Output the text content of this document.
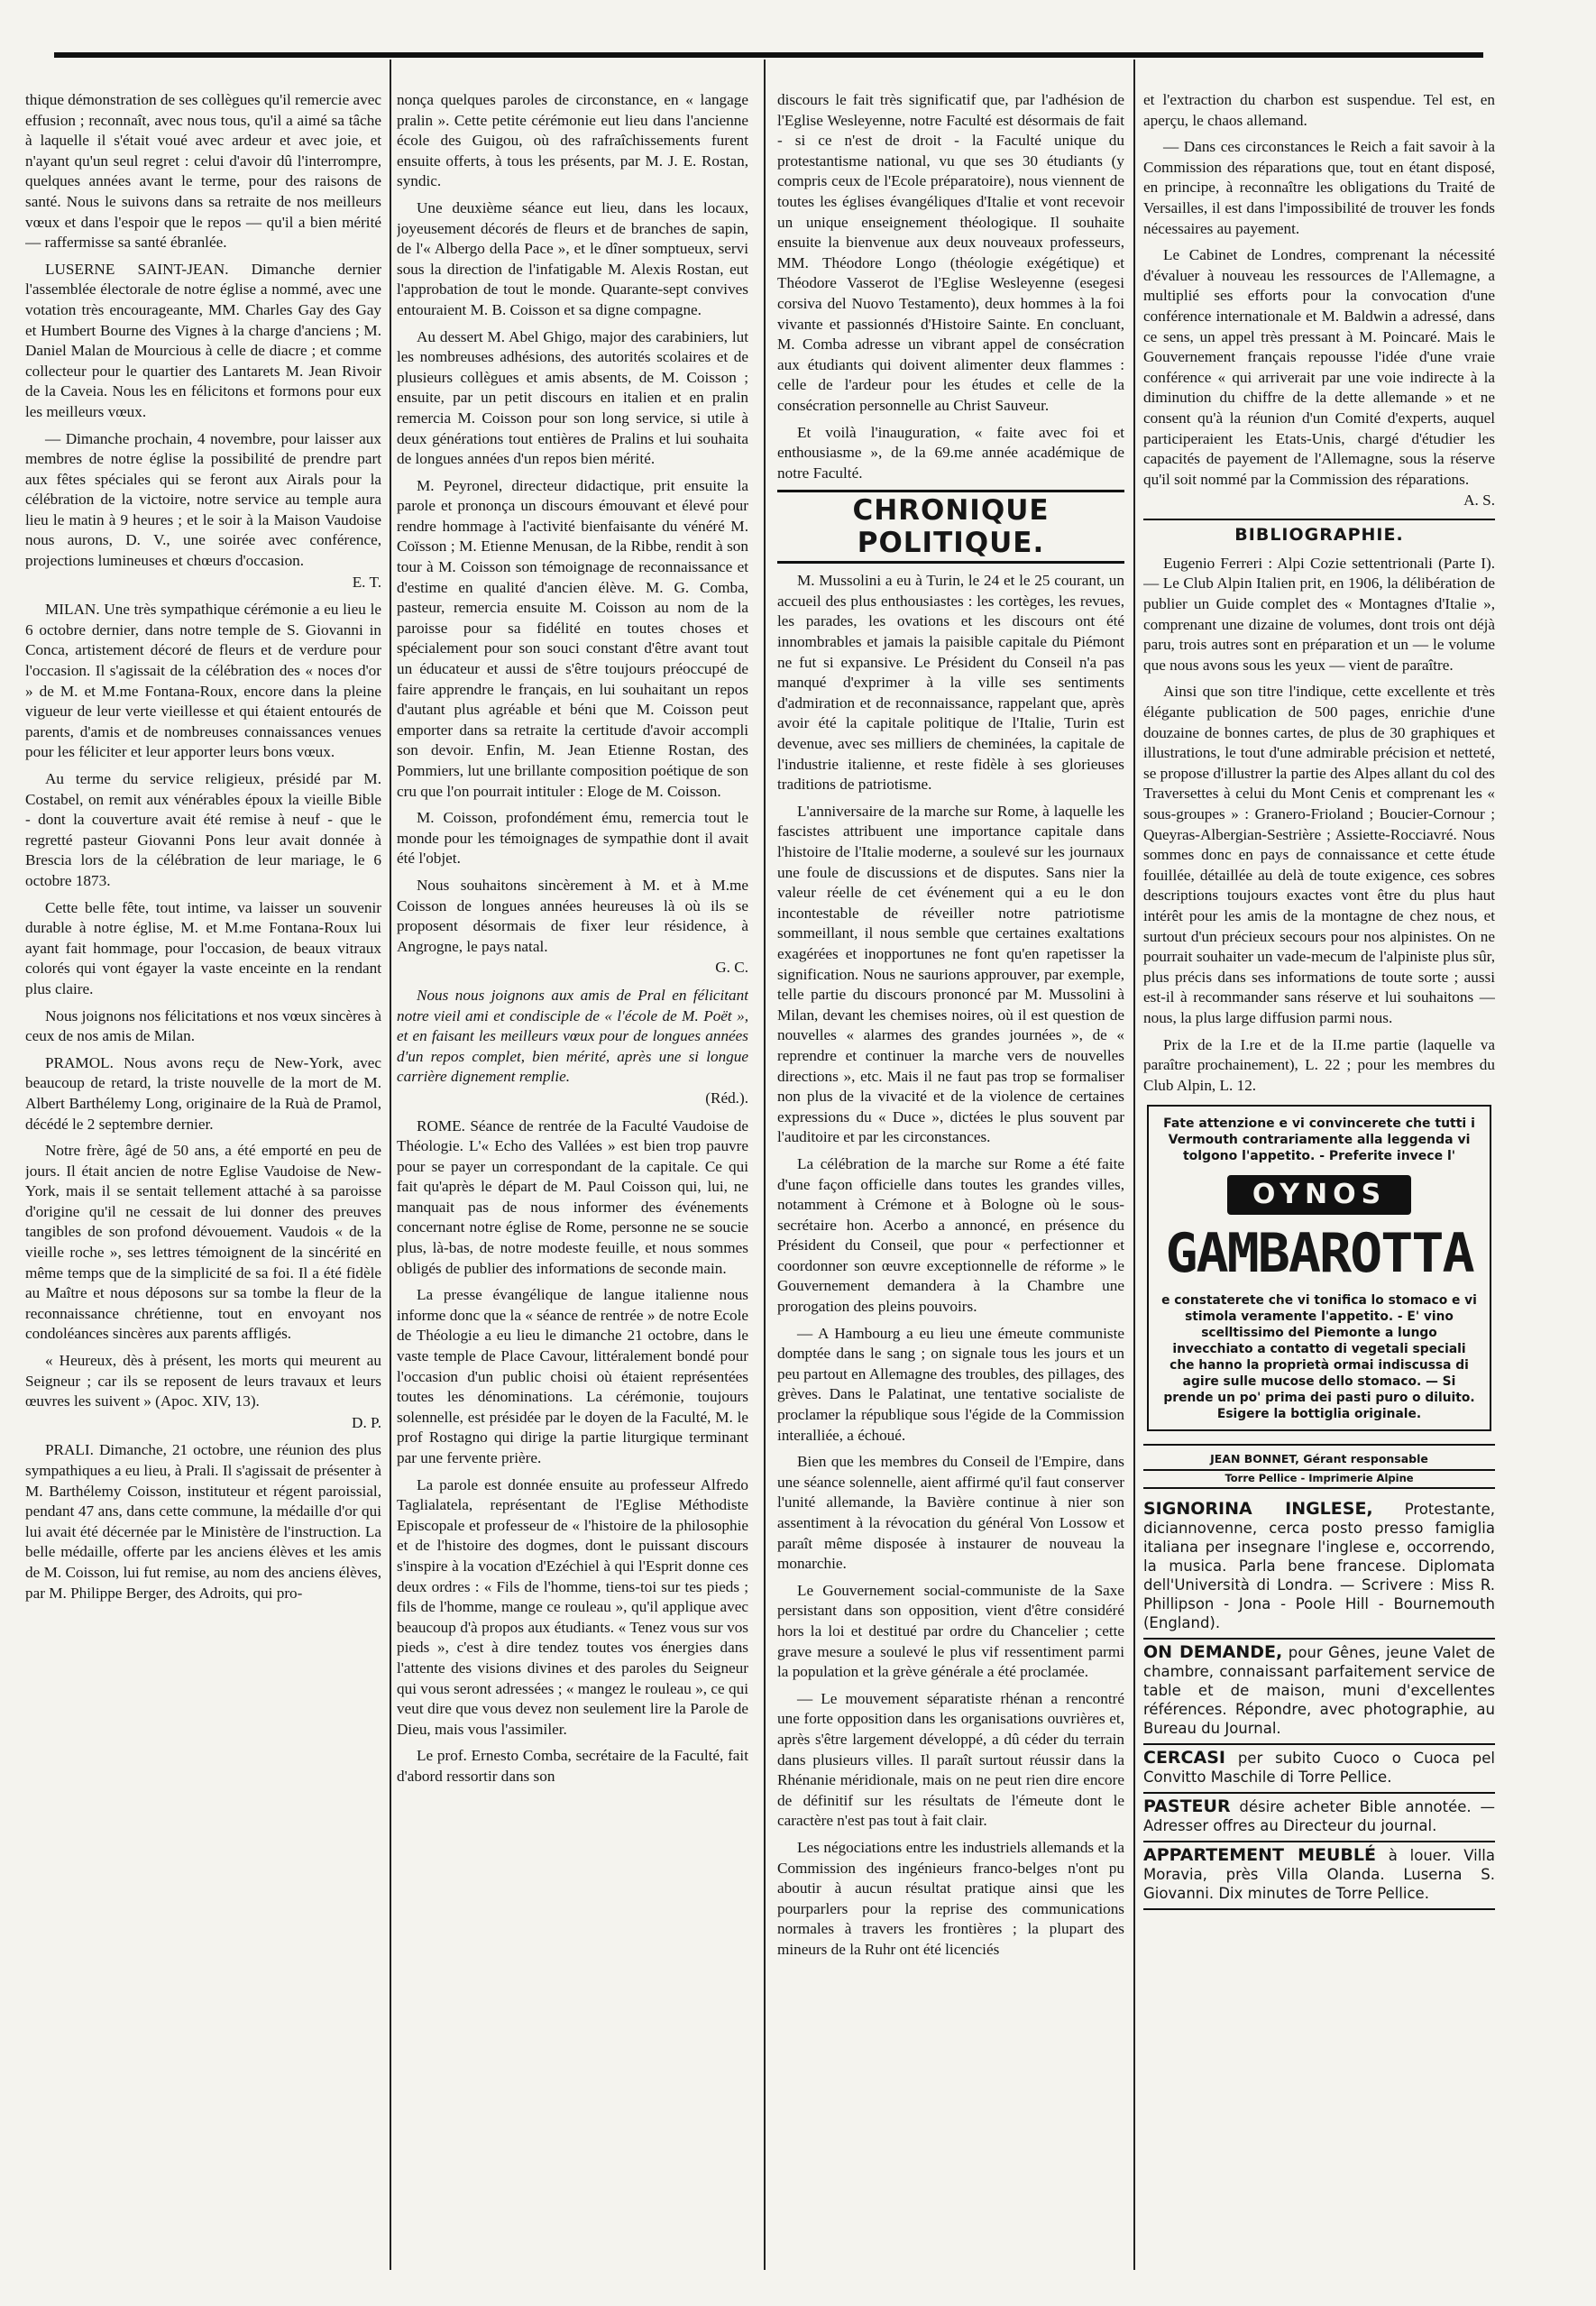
thique démonstration de ses collègues qu'il remercie avec effusion ; reconnaît, avec nous tous, qu'il a aimé sa tâche à laquelle il s'était voué avec ardeur et avec joie, et n'ayant qu'un seul regret : celui d'avoir dû l'interrompre, quelques années avant le terme, pour des raisons de santé. Nous le suivons dans sa retraite de nos meilleurs vœux et dans l'espoir que le repos — qu'il a bien mérité — raffermisse sa santé ébranlée.

LUSERNE SAINT-JEAN. Dimanche dernier l'assemblée électorale de notre église a nommé, avec une votation très encourageante, MM. Charles Gay des Gay et Humbert Bourne des Vignes à la charge d'anciens ; M. Daniel Malan de Mourcious à celle de diacre ; et comme collecteur pour le quartier des Lantarets M. Jean Rivoir de la Caveia. Nous les en félicitons et formons pour eux les meilleurs vœux.

— Dimanche prochain, 4 novembre, pour laisser aux membres de notre église la possibilité de prendre part aux fêtes spéciales qui se feront aux Airals pour la célébration de la victoire, notre service au temple aura lieu le matin à 9 heures ; et le soir à la Maison Vaudoise nous aurons, D. V., une soirée avec conférence, projections lumineuses et chœurs d'occasion.

E. T.

MILAN. Une très sympathique cérémonie a eu lieu le 6 octobre dernier, dans notre temple de S. Giovanni in Conca, artistement décoré de fleurs et de verdure pour l'occasion. Il s'agissait de la célébration des « noces d'or » de M. et M.me Fontana-Roux, encore dans la pleine vigueur de leur verte vieillesse et qui étaient entourés de parents, d'amis et de nombreuses connaissances venues pour les féliciter et leur apporter leurs bons vœux.

Au terme du service religieux, présidé par M. Costabel, on remit aux vénérables époux la vieille Bible - dont la couverture avait été remise à neuf - que le regretté pasteur Giovanni Pons leur avait donnée à Brescia lors de la célébration de leur mariage, le 6 octobre 1873.

Cette belle fête, tout intime, va laisser un souvenir durable à notre église, M. et M.me Fontana-Roux lui ayant fait hommage, pour l'occasion, de beaux vitraux colorés qui vont égayer la vaste enceinte en la rendant plus claire.

Nous joignons nos félicitations et nos vœux sincères à ceux de nos amis de Milan.

PRAMOL. Nous avons reçu de New-York, avec beaucoup de retard, la triste nouvelle de la mort de M. Albert Barthélemy Long, originaire de la Ruà de Pramol, décédé le 2 septembre dernier.

Notre frère, âgé de 50 ans, a été emporté en peu de jours. Il était ancien de notre Eglise Vaudoise de New-York, mais il se sentait tellement attaché à sa paroisse d'origine qu'il ne cessait de lui donner des preuves tangibles de son profond dévouement. Vaudois « de la vieille roche », ses lettres témoignent de la sincérité en même temps que de la simplicité de sa foi. Il a été fidèle au Maître et nous déposons sur sa tombe la fleur de la reconnaissance chrétienne, tout en envoyant nos condoléances sincères aux parents affligés.

« Heureux, dès à présent, les morts qui meurent au Seigneur ; car ils se reposent de leurs travaux et leurs œuvres les suivent » (Apoc. XIV, 13).

D. P.

PRALI. Dimanche, 21 octobre, une réunion des plus sympathiques a eu lieu, à Prali. Il s'agissait de présenter à M. Barthélemy Coisson, instituteur et régent paroissial, pendant 47 ans, dans cette commune, la médaille d'or qui lui avait été décernée par le Ministère de l'instruction. La belle médaille, offerte par les anciens élèves et les amis de M. Coisson, lui fut remise, au nom des anciens élèves, par M. Philippe Berger, des Adroits, qui pro-

nonça quelques paroles de circonstance, en « langage pralin ». Cette petite cérémonie eut lieu dans l'ancienne école des Guigou, où des rafraîchissements furent ensuite offerts, à tous les présents, par M. J. E. Rostan, syndic.

Une deuxième séance eut lieu, dans les locaux, joyeusement décorés de fleurs et de branches de sapin, de l'« Albergo della Pace », et le dîner somptueux, servi sous la direction de l'infatigable M. Alexis Rostan, eut l'approbation de tout le monde. Quarante-sept convives entouraient M. B. Coisson et sa digne compagne.

Au dessert M. Abel Ghigo, major des carabiniers, lut les nombreuses adhésions, des autorités scolaires et de plusieurs collègues et amis absents, de M. Coisson ; ensuite, par un petit discours en italien et en pralin remercia M. Coisson pour son long service, si utile à deux générations tout entières de Pralins et lui souhaita de longues années d'un repos bien mérité.

M. Peyronel, directeur didactique, prit ensuite la parole et prononça un discours émouvant et élevé pour rendre hommage à l'activité bienfaisante du vénéré M. Coïsson ; M. Etienne Menusan, de la Ribbe, rendit à son tour à M. Coisson son témoignage de reconnaissance et d'estime en qualité d'ancien élève. M. G. Comba, pasteur, remercia ensuite M. Coisson au nom de la paroisse pour sa fidélité en toutes choses et spécialement pour son souci constant d'être avant tout un éducateur et aussi de s'être toujours préoccupé de faire apprendre le français, en lui souhaitant un repos d'autant plus agréable et béni que M. Coisson peut emporter dans sa retraite la certitude d'avoir accompli son devoir. Enfin, M. Jean Etienne Rostan, des Pommiers, lut une brillante composition poétique de son cru que l'on pourrait intituler : Eloge de M. Coisson.

M. Coisson, profondément ému, remercia tout le monde pour les témoignages de sympathie dont il avait été l'objet.

Nous souhaitons sincèrement à M. et à M.me Coisson de longues années heureuses là où ils se proposent désormais de fixer leur résidence, à Angrogne, le pays natal.

G. C.

Nous nous joignons aux amis de Pral en félicitant notre vieil ami et condisciple de « l'école de M. Poët », et en faisant les meilleurs vœux pour de longues années d'un repos complet, bien mérité, après une si longue carrière dignement remplie.

(Réd.).

ROME. Séance de rentrée de la Faculté Vaudoise de Théologie. L'« Echo des Vallées » est bien trop pauvre pour se payer un correspondant de la capitale. Ce qui fait qu'après le départ de M. Paul Coisson qui, lui, ne manquait pas de nous informer des événements concernant notre église de Rome, personne ne se soucie plus, là-bas, de notre modeste feuille, et nous sommes obligés de publier des informations de seconde main.

La presse évangélique de langue italienne nous informe donc que la « séance de rentrée » de notre Ecole de Théologie a eu lieu le dimanche 21 octobre, dans le vaste temple de Place Cavour, littéralement bondé pour l'occasion d'un public choisi où étaient représentées toutes les dénominations. La cérémonie, toujours solennelle, est présidée par le doyen de la Faculté, M. le prof Rostagno qui dirige la partie liturgique terminant par une fervente prière.

La parole est donnée ensuite au professeur Alfredo Taglialatela, représentant de l'Eglise Méthodiste Episcopale et professeur de « l'histoire de la philosophie et de l'histoire des dogmes, dont le puissant discours s'inspire à la vocation d'Ezéchiel à qui l'Esprit donne ces deux ordres : « Fils de l'homme, tiens-toi sur tes pieds ; fils de l'homme, mange ce rouleau », qu'il applique avec beaucoup d'à propos aux étudiants. « Tenez vous sur vos pieds », c'est à dire tendez toutes vos énergies dans l'attente des visions divines et des paroles du Seigneur qui vous seront adressées ; « mangez le rouleau », ce qui veut dire que vous devez non seulement lire la Parole de Dieu, mais vous l'assimiler.

Le prof. Ernesto Comba, secrétaire de la Faculté, fait d'abord ressortir dans son

discours le fait très significatif que, par l'adhésion de l'Eglise Wesleyenne, notre Faculté est désormais de fait - si ce n'est de droit - la Faculté unique du protestantisme national, vu que ses 30 étudiants (y compris ceux de l'Ecole préparatoire), nous viennent de toutes les églises évangéliques d'Italie et vont recevoir un unique enseignement théologique. Il souhaite ensuite la bienvenue aux deux nouveaux professeurs, MM. Théodore Longo (théologie exégétique) et Théodore Vasserot de l'Eglise Wesleyenne (esegesi corsiva del Nuovo Testamento), deux hommes à la foi vivante et passionnés d'Histoire Sainte. En concluant, M. Comba adresse un vibrant appel de consécration aux étudiants qui doivent alimenter deux flammes : celle de l'ardeur pour les études et celle de la consécration personnelle au Christ Sauveur.

Et voilà l'inauguration, « faite avec foi et enthousiasme », de la 69.me année académique de notre Faculté.

CHRONIQUE POLITIQUE.

M. Mussolini a eu à Turin, le 24 et le 25 courant, un accueil des plus enthousiastes : les cortèges, les revues, les parades, les ovations et les discours ont été innombrables et jamais la paisible capitale du Piémont ne fut si expansive. Le Président du Conseil n'a pas manqué d'exprimer à la ville ses sentiments d'admiration et de reconnaissance, rappelant que, après avoir été la capitale politique de l'Italie, Turin est devenue, avec ses milliers de cheminées, la capitale de l'industrie italienne, et reste fidèle à ses glorieuses traditions de patriotisme.

L'anniversaire de la marche sur Rome, à laquelle les fascistes attribuent une importance capitale dans l'histoire de l'Italie moderne, a soulevé sur les journaux une foule de discussions et de disputes. Sans nier la valeur réelle de cet événement qui a eu le don incontestable de réveiller notre patriotisme sommeillant, il nous semble que certaines exaltations exagérées et inopportunes ne font qu'en rapetisser la signification. Nous ne saurions approuver, par exemple, telle partie du discours prononcé par M. Mussolini à Milan, devant les chemises noires, où il est question de nouvelles « alarmes des grandes journées », de « reprendre et continuer la marche vers de nouvelles directions », etc. Mais il ne faut pas trop se formaliser non plus de la vivacité et de la violence de certaines expressions du « Duce », dictées le plus souvent par l'auditoire et par les circonstances.

La célébration de la marche sur Rome a été faite d'une façon officielle dans toutes les grandes villes, notamment à Crémone et à Bologne où le sous-secrétaire hon. Acerbo a annoncé, en présence du Président du Conseil, que pour « perfectionner et coordonner son œuvre exceptionnelle de réforme » le Gouvernement demandera à la Chambre une prorogation des pleins pouvoirs.

— A Hambourg a eu lieu une émeute communiste domptée dans le sang ; on signale tous les jours et un peu partout en Allemagne des troubles, des pillages, des grèves. Dans le Palatinat, une tentative socialiste de proclamer la république sous l'égide de la Commission interalliée, a échoué.

Bien que les membres du Conseil de l'Empire, dans une séance solennelle, aient affirmé qu'il faut conserver l'unité allemande, la Bavière continue à nier son assentiment à la révocation du général Von Lossow et paraît même disposée à instaurer de nouveau la monarchie.

Le Gouvernement social-communiste de la Saxe persistant dans son opposition, vient d'être considéré hors la loi et destitué par ordre du Chancelier ; cette grave mesure a soulevé le plus vif ressentiment parmi la population et la grève générale a été proclamée.

— Le mouvement séparatiste rhénan a rencontré une forte opposition dans les organisations ouvrières et, après s'être largement développé, a dû céder du terrain dans plusieurs villes. Il paraît surtout réussir dans la Rhénanie méridionale, mais on ne peut rien dire encore de définitif sur les résultats de l'émeute dont le caractère n'est pas tout à fait clair.

Les négociations entre les industriels allemands et la Commission des ingénieurs franco-belges n'ont pu aboutir à aucun résultat pratique ainsi que les pourparlers pour la reprise des communications normales à travers les frontières ; la plupart des mineurs de la Ruhr ont été licenciés

et l'extraction du charbon est suspendue. Tel est, en aperçu, le chaos allemand.

— Dans ces circonstances le Reich a fait savoir à la Commission des réparations que, tout en étant disposé, en principe, à reconnaître les obligations du Traité de Versailles, il est dans l'impossibilité de trouver les fonds nécessaires au payement.

Le Cabinet de Londres, comprenant la nécessité d'évaluer à nouveau les ressources de l'Allemagne, a multiplié ses efforts pour la convocation d'une conférence internationale et M. Baldwin a adressé, dans ce sens, un appel très pressant à M. Poincaré. Mais le Gouvernement français repousse l'idée d'une vraie conférence « qui arriverait par une voie indirecte à la diminution du chiffre de la dette allemande » et ne consent qu'à la réunion d'un Comité d'experts, auquel participeraient les Etats-Unis, chargé d'étudier les capacités de payement de l'Allemagne, sous la réserve qu'il soit nommé par la Commission des réparations.

A. S.
BIBLIOGRAPHIE.

Eugenio Ferreri : Alpi Cozie settentrionali (Parte I). — Le Club Alpin Italien prit, en 1906, la délibération de publier un Guide complet des « Montagnes d'Italie », comprenant une dizaine de volumes, dont trois ont déjà paru, trois autres sont en préparation et un — le volume que nous avons sous les yeux — vient de paraître.

Ainsi que son titre l'indique, cette excellente et très élégante publication de 500 pages, enrichie d'une douzaine de bonnes cartes, de plus de 30 graphiques et illustrations, le tout d'une admirable précision et netteté, se propose d'illustrer la partie des Alpes allant du col des Traversettes à celui du Mont Cenis et comprenant les « sous-groupes » : Granero-Frioland ; Boucier-Cornour ; Queyras-Albergian-Sestrière ; Assiette-Rocciavré. Nous sommes donc en pays de connaissance et cette étude fouillée, détaillée au delà de toute exigence, ces sobres descriptions toujours exactes vont être du plus haut intérêt pour les amis de la montagne de chez nous, et surtout d'un précieux secours pour nos alpinistes. On ne pourrait souhaiter un vade-mecum de l'alpiniste plus sûr, plus précis dans ses informations de toute sorte ; aussi est-il à recommander sans réserve et lui souhaitons — nous, la plus large diffusion parmi nous.

Prix de la I.re et de la II.me partie (laquelle va paraître prochainement), L. 22 ; pour les membres du Club Alpin, L. 12.

Fate attenzione e vi convincerete che tutti i Vermouth contrariamente alla leggenda vi tolgono l'appetito. - Preferite invece l'
OYNOS
GAMBAROTTA
e constaterete che vi tonifica lo stomaco e vi stimola veramente l'appetito. - E' vino scelltissimo del Piemonte a lungo invecchiato a contatto di vegetali speciali che hanno la proprietà ormai indiscussa di agire sulle mucose dello stomaco. — Si prende un po' prima dei pasti puro o diluito. Esigere la bottiglia originale.
JEAN BONNET, Gérant responsable
Torre Pellice - Imprimerie Alpine
SIGNORINA INGLESE, Protestante, diciannovenne, cerca posto presso famiglia italiana per insegnare l'inglese e, occorrendo, la musica. Parla bene francese. Diplomata dell'Università di Londra. — Scrivere : Miss R. Phillipson - Jona - Poole Hill - Bournemouth (England).
ON DEMANDE, pour Gênes, jeune Valet de chambre, connaissant parfaitement service de table et de maison, muni d'excellentes références. Répondre, avec photographie, au Bureau du Journal.
CERCASI per subito Cuoco o Cuoca pel Convitto Maschile di Torre Pellice.
PASTEUR désire acheter Bible annotée. — Adresser offres au Directeur du journal.
APPARTEMENT MEUBLÉ à louer. Villa Moravia, près Villa Olanda. Luserna S. Giovanni. Dix minutes de Torre Pellice.
